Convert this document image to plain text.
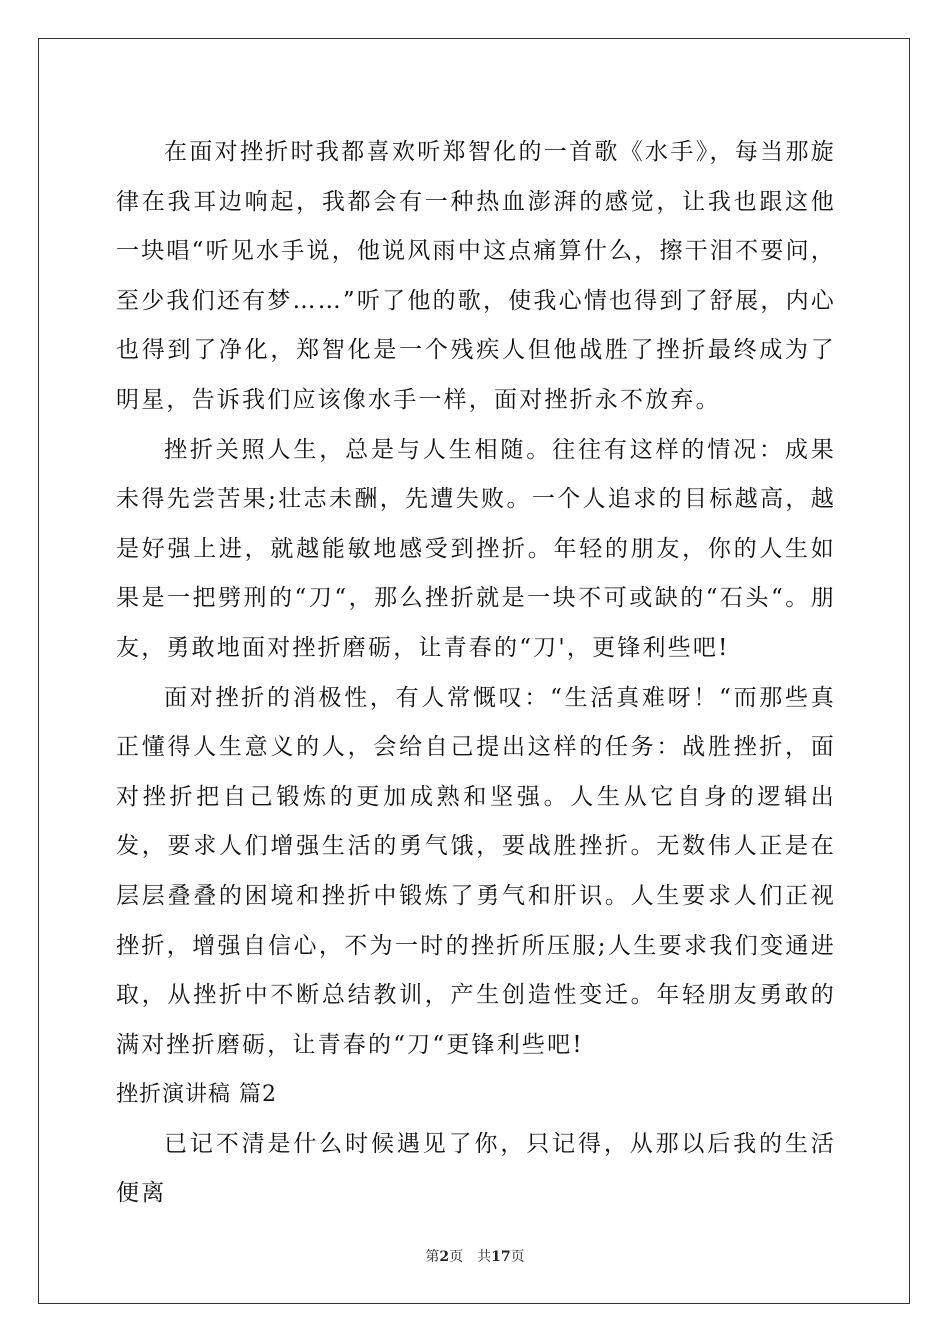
在面对挫折时我都喜欢听郑智化的一首歌《水手》，每当那旋律在我耳边响起，我都会有一种热血澎湃的感觉，让我也跟这他一块唱“听见水手说，他说风雨中这点痛算什么，擦干泪不要问，至少我们还有梦……”听了他的歌，使我心情也得到了舒展，内心也得到了净化，郑智化是一个残疾人但他战胜了挫折最终成为了明星，告诉我们应该像水手一样，面对挫折永不放弃。

挫折关照人生，总是与人生相随。往往有这样的情况：成果未得先尝苦果;壮志未酬，先遭失败。一个人追求的目标越高，越是好强上进，就越能敏地感受到挫折。年轻的朋友，你的人生如果是一把劈刑的“刀“，那么挫折就是一块不可或缺的“石头“。朋友，勇敢地面对挫折磨砺，让青春的“刀'，更锋利些吧!

面对挫折的消极性，有人常慨叹：“生活真难呀！“而那些真正懂得人生意义的人，会给自己提出这样的任务：战胜挫折，面对挫折把自己锻炼的更加成熟和坚强。人生从它自身的逻辑出发，要求人们增强生活的勇气饿，要战胜挫折。无数伟人正是在层层叠叠的困境和挫折中锻炼了勇气和肝识。人生要求人们正视挫折，增强自信心，不为一时的挫折所压服;人生要求我们变通进取，从挫折中不断总结教训，产生创造性变迁。年轻朋友勇敢的满对挫折磨砺，让青春的“刀“更锋利些吧!

挫折演讲稿 篇2

已记不清是什么时候遇见了你，只记得，从那以后我的生活便离

第2页 共17页
